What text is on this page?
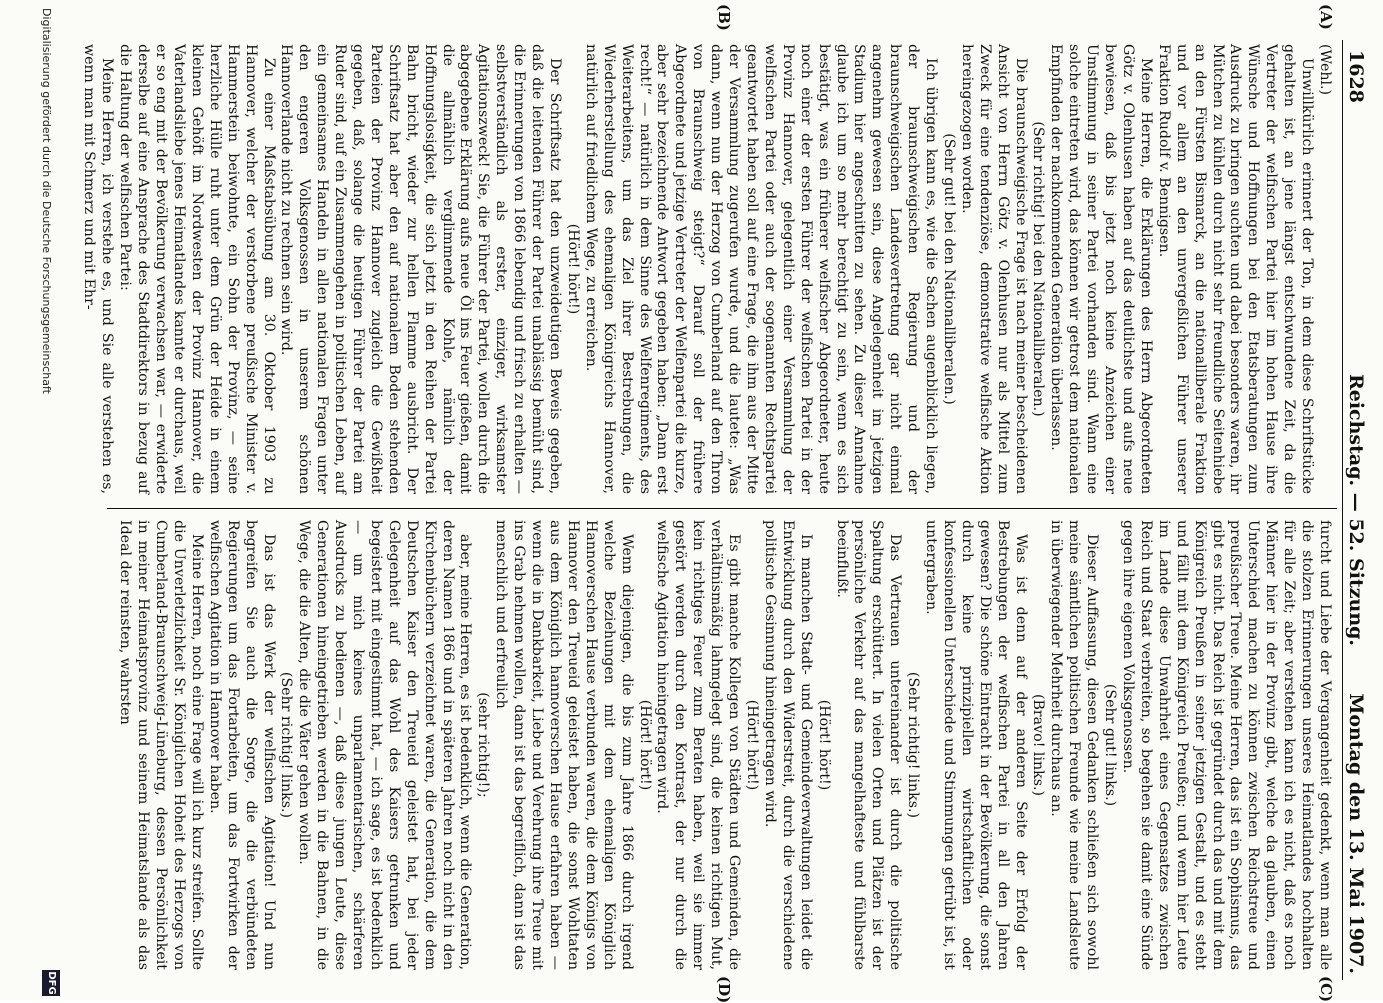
1628
Reichstag. — 52. Sitzung.
Montag den 13. Mai 1907.
(A)
(B)
(C)
(D)

(Wehl.)

Unwillkürlich erinnert der Ton, in dem diese Schriftstücke gehalten ist, an jene längst entschwundene Zeit, da die Vertreter der welfischen Partei hier im hohen Hause ihre Wünsche und Hoffnungen bei den Etatsberatungen zum Ausdruck zu bringen suchten und dabei besonders waren, ihr Mütchen zu kühlen durch nicht sehr freundliche Seitenhiebe an den Fürsten Bismarck, an die nationalliberale Fraktion und vor allem an den unvergeßlichen Führer unserer Fraktion Rudolf v. Bennigsen.

Meine Herren, die Erklärungen des Herrn Abgeordneten Götz v. Olenhusen haben auf das deutlichste und aufs neue bewiesen, daß bis jetzt noch keine Anzeichen einer Umstimmung in seiner Partei vorhanden sind. Wann eine solche eintreten wird, das können wir getrost dem nationalen Empfinden der nachkommenden Generation überlassen.

(Sehr richtig! bei den Nationalliberalen.)

Die braunschweigische Frage ist nach meiner bescheidenen Ansicht von Herrn Götz v. Olenhusen nur als Mittel zum Zweck für eine tendenziöse, demonstrative welfische Aktion hereingezogen worden.

(Sehr gut! bei den Nationalliberalen.)

Ich übrigen kann es, wie die Sachen augenblicklich liegen, der braunschweigischen Regierung und der braunschweigischen Landesvertretung gar nicht einmal angenehm gewesen sein, diese Angelegenheit im jetzigen Stadium hier angeschnitten zu sehen. Zu dieser Annahme glaube ich um so mehr berechtigt zu sein, wenn es sich bestätigt, was ein früherer welfischer Abgeordneter, heute noch einer der ersten Führer der welfischen Partei in der Provinz Hannover, gelegentlich einer Versammlung der welfischen Partei oder auch der sogenannten Rechtspartei geantwortet haben soll auf eine Frage, die ihm aus der Mitte der Versammlung zugerufen wurde, und die lautete: „Was dann, wenn nun der Herzog von Cumberland auf den Thron von Braunschweig steigt?“ Darauf soll der frühere Abgeordnete und jetzige Vertreter der Welfenpartei die kurze, aber sehr bezeichnende Antwort gegeben haben: „Dann erst recht!“ — natürlich in dem Sinne des Welfenregiments, des Weiterarbeitens, um das Ziel ihrer Bestrebungen, die Wiederherstellung des ehemaligen Königreichs Hannover, natürlich auf friedlichem Wege, zu erreichen.

(Hört! hört!)

Der Schriftsatz hat den unzweideutigen Beweis gegeben, daß die leitenden Führer der Partei unablässig bemüht sind, die Erinnerungen von 1866 lebendig und frisch zu erhalten — selbstverständlich als erster, einziger, wirksamster Agitationszweck! Sie, die Führer der Partei, wollen durch die abgegebene Erklärung aufs neue Öl ins Feuer gießen, damit die allmählich verglimmende Kohle, nämlich der Hoffnungslosigkeit, die sich jetzt in den Reihen der Partei Bahn bricht, wieder zur hellen Flamme ausbricht. Der Schriftsatz hat aber den auf nationalem Boden stehenden Parteien der Provinz Hannover zugleich die Gewißheit gegeben, daß, solange die heutigen Führer der Partei am Ruder sind, auf ein Zusammengehen in politischen Leben, auf ein gemeinsames Handeln in allen nationalen Fragen unter den engeren Volksgenossen in unserem schönen Hannoverlande nicht zu rechnen sein wird.

Zu einer Maßstabsübung am 30. Oktober 1903 zu Hannover, welcher der verstorbene preußische Minister v. Hammerstein beiwohnte, ein Sohn der Provinz, — seine herzliche Hülle ruht unter dem Grün der Heide in einem kleinen Gehöft im Nordwesten der Provinz Hannover, die Vaterlandsliebe jenes Heimatlandes kannte er durchaus, weil er so eng mit der Bevölkerung verwachsen war, — erwiderte derselbe auf eine Ansprache des Stadtdirektors in bezug auf die Haltung der welfischen Partei:

Meine Herren, ich verstehe es, und Sie alle verstehen es, wenn man mit Schmerz und mit Ehr-

furcht und Liebe der Vergangenheit gedenkt, wenn man alle die stolzen Erinnerungen unseres Heimatlandes hochhalten für alle Zeit; aber verstehen kann ich es nicht, daß es noch Männer hier in der Provinz gibt, welche da glauben, einen Unterschied machen zu können zwischen Reichstreue und preußischer Treue. Meine Herren, das ist ein Sophismus, das gibt es nicht. Das Reich ist gegründet durch das und mit dem Königreich Preußen in seiner jetzigen Gestalt, und es steht und fällt mit dem Königreich Preußen; und wenn hier Leute im Lande diese Unwahrheit eines Gegensatzes zwischen Reich und Staat verbreiten, so begehen sie damit eine Sünde gegen ihre eigenen Volksgenossen.

(Sehr gut! links.)

Dieser Auffassung, diesen Gedanken schließen sich sowohl meine sämtlichen politischen Freunde wie meine Landsleute in überwiegender Mehrheit durchaus an.

(Bravo! links.)

Was ist denn auf der anderen Seite der Erfolg der Bestrebungen der welfischen Partei in all den Jahren gewesen? Die schöne Eintracht in der Bevölkerung, die sonst durch keine prinzipiellen wirtschaftlichen oder konfessionellen Unterschiede und Stimmungen getrübt ist, ist untergraben.

(Sehr richtig! links.)

Das Vertrauen untereinander ist durch die politische Spaltung erschüttert. In vielen Orten und Plätzen ist der persönliche Verkehr auf das mangelhafteste und fühlbarste beeinflußt.

(Hört! hört!)

In manchen Stadt- und Gemeindeverwaltungen leidet die Entwicklung durch den Widerstreit, durch die verschiedene politische Gesinnung hineingetragen wird.

(Hört! hört!)

Es gibt manche Kollegen von Städten und Gemeinden, die verhältnismäßig lahmgelegt sind, die keinen richtigen Mut, kein richtiges Feuer zum Beraten haben, weil sie immer gestört werden durch den Kontrast, der nur durch die welfische Agitation hineingetragen wird.

(Hört! hört!)

Wenn diejenigen, die bis zum Jahre 1866 durch irgend welche Beziehungen mit dem ehemaligen Königlich Hannoverschen Hause verbunden waren, die dem Königs von Hannover den Treueid geleistet haben, die sonst Wohltaten aus dem Königlich hannoverschen Hause erfahren haben — wenn die in Dankbarkeit, Liebe und Verehrung ihre Treue mit ins Grab nehmen wollen, dann ist das begreiflich, dann ist das menschlich und erfreulich

(sehr richtig!);

aber, meine Herren, es ist bedenklich, wenn die Generation, deren Namen 1866 und in späteren Jahren noch nicht in den Kirchenbüchern verzeichnet waren, die Generation, die dem Deutschen Kaiser den Treueid geleistet hat, bei jeder Gelegenheit auf das Wohl des Kaisers getrunken und begeistert mit eingestimmt hat, — ich sage, es ist bedenklich — um mich keines unparlamentarischen, schärferen Ausdrucks zu bedienen —, daß diese jungen Leute, diese Generationen hineingetrieben werden in die Bahnen, in die Wege, die die Alten, die die Väter gehen wollen.

(Sehr richtig! links.)

Das ist das Werk der welfischen Agitation! Und nun begreifen Sie auch die Sorge, die die verbündeten Regierungen um das Fortarbeiten, um das Fortwirken der welfischen Agitation in Hannover haben.

Meine Herren, noch eine Frage will ich kurz streifen. Sollte die Unverletzlichkeit Sr. Königlichen Hoheit des Herzogs von Cumberland-Braunschweig-Lüneburg, dessen Persönlichkeit in meiner Heimatsprovinz und seinem Heimatslande als das Ideal der reinsten, wahrsten

Digitalisierung gefördert durch die Deutsche Forschungsgemeinschaft
DFG
